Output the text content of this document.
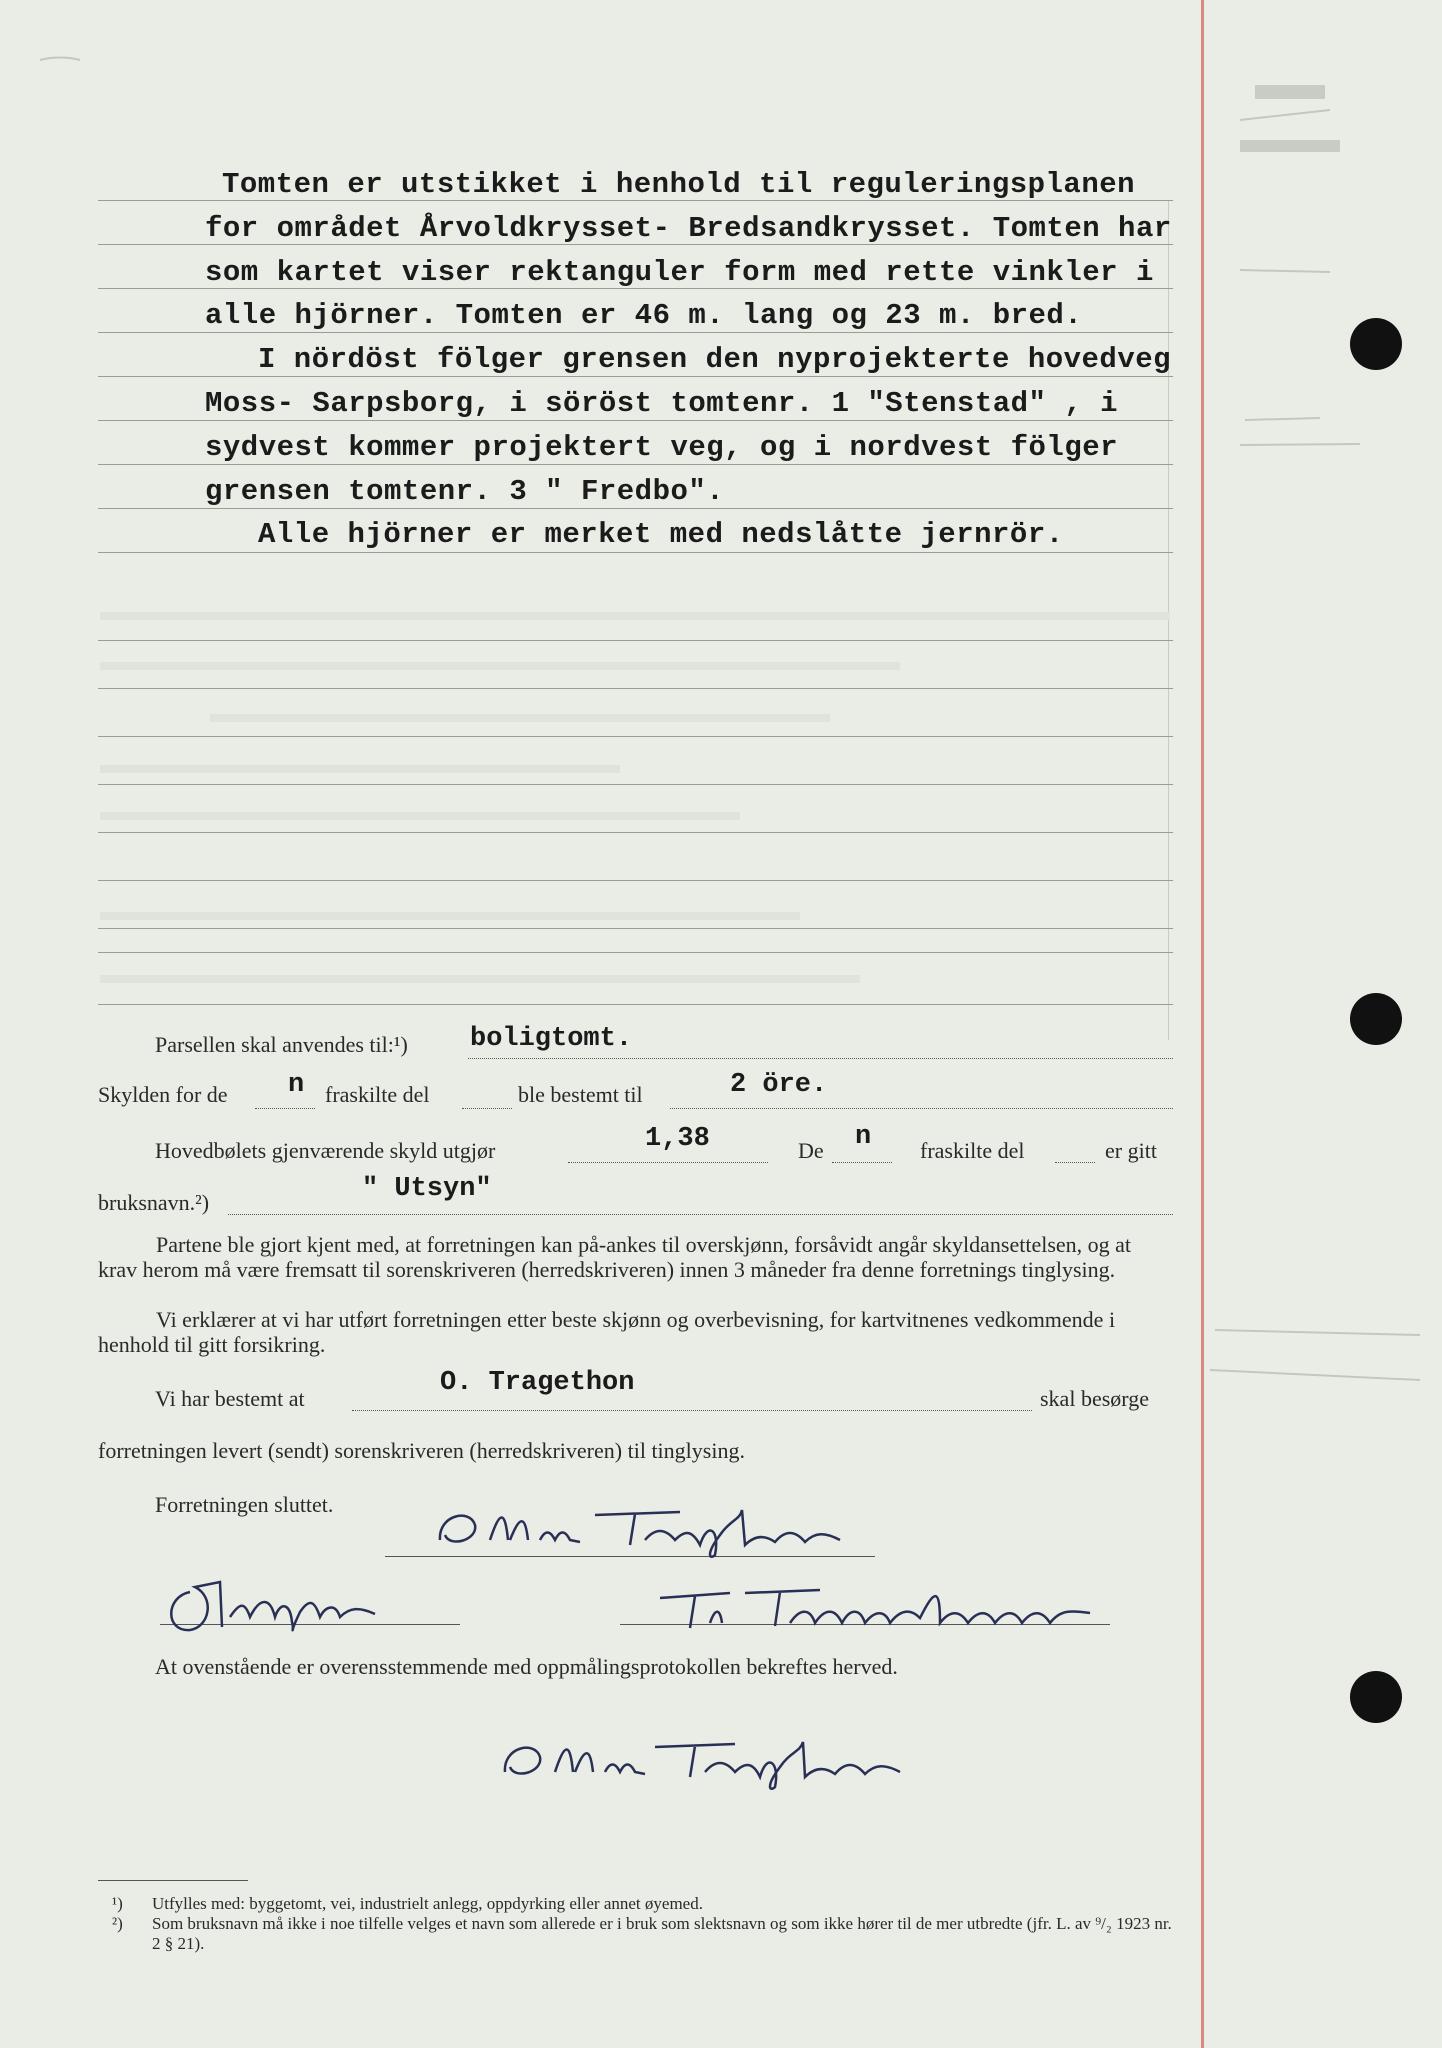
Tomten er utstikket i henhold til reguleringsplanen
for området Årvoldkrysset- Bredsandkrysset. Tomten har
som kartet viser rektanguler form med rette vinkler i
alle hjörner. Tomten er 46 m. lang og 23 m. bred.
I nördöst fölger grensen den nyprojekterte hovedveg
Moss- Sarpsborg, i söröst tomtenr. 1 "Stenstad" , i
sydvest kommer projektert veg, og i nordvest fölger
grensen tomtenr. 3 " Fredbo".
Alle hjörner er merket med nedslåtte jernrör.
Parsellen skal anvendes til:¹) boligtomt.
Skylden for de n fraskilte del	ble bestemt til	2 öre.
Hovedbølets gjenværende skyld utgjør	1,38	De n fraskilte del	er gitt
bruksnavn.²)	" Utsyn"

Partene ble gjort kjent med, at forretningen kan på-ankes til overskjønn, forsåvidt angår skyldansettelsen, og at krav herom må være fremsatt til sorenskriveren (herredskriveren) innen 3 måneder fra denne forretnings tinglysing.

Vi erklærer at vi har utført forretningen etter beste skjønn og overbevisning, for kartvitnenes vedkommende i henhold til gitt forsikring.

Vi har bestemt at
O. Tragethon
skal besørge
forretningen levert (sendt) sorenskriveren (herredskriveren) til tinglysing.
Forretningen sluttet.
At ovenstående er overensstemmende med oppmålingsprotokollen bekreftes herved.
¹) Utfylles med: byggetomt, vei, industrielt anlegg, oppdyrking eller annet øyemed.
²) Som bruksnavn må ikke i noe tilfelle velges et navn som allerede er i bruk som slektsnavn og som ikke hører til de mer utbredte (jfr. L. av ⁹/₂ 1923 nr. 2 § 21).
